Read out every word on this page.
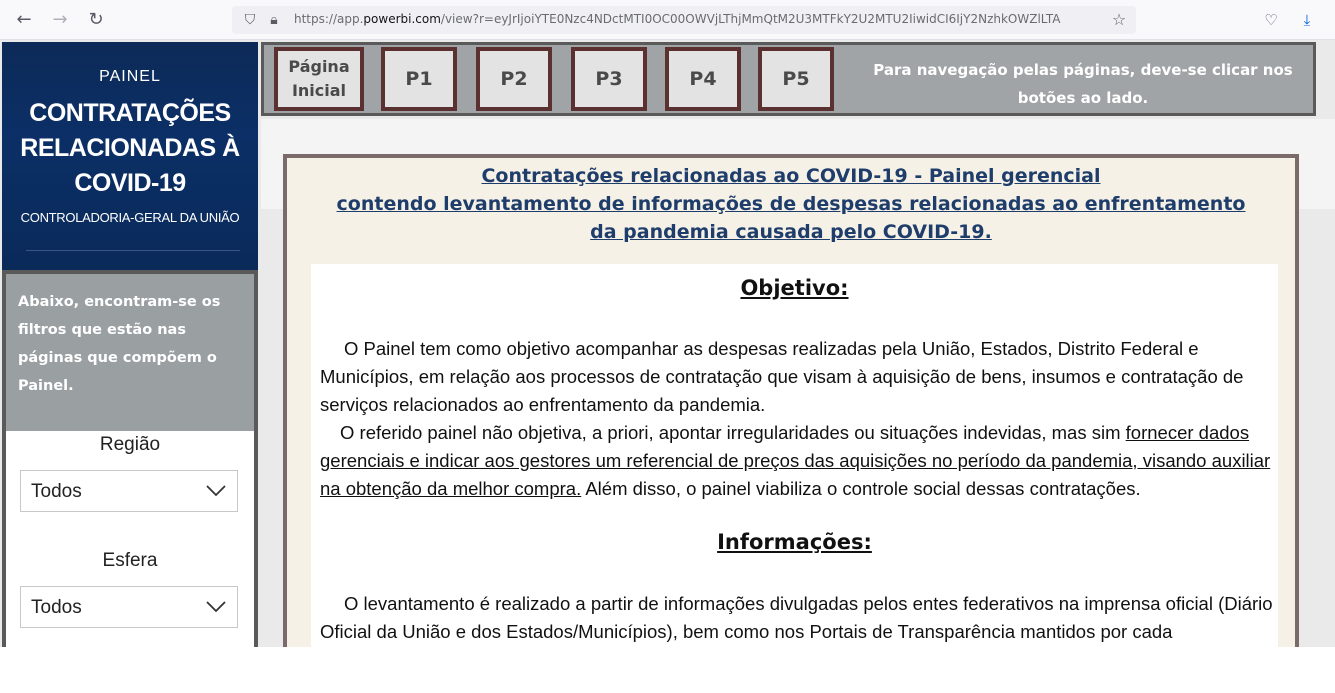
← → ↻	⛉	🔒︎	https://app.powerbi.com/view?r=eyJrIjoiYTE0Nzc4NDctMTI0OC00OWVjLThjMmQtM2U3MTFkY2U2MTU2IiwidCI6IjY2NzhkOWZlLTA	☆	♡	⤓
PAINEL
CONTRATAÇÕES
RELACIONADAS À
COVID-19
CONTROLADORIA-GERAL DA UNIÃO
Abaixo, encontram-se os filtros que estão nas páginas que compõem o Painel.
Região
Todos
Esfera
Todos
Página
Inicial
P1	P2	P3	P4	P5	Para navegação pelas páginas, deve-se clicar nos botões ao lado.
Contratações relacionadas ao COVID-19 - Painel gerencial
contendo levantamento de informações de despesas relacionadas ao enfrentamento
da pandemia causada pelo COVID-19.
Objetivo:
O Painel tem como objetivo acompanhar as despesas realizadas pela União, Estados, Distrito Federal e Municípios, em relação aos processos de contratação que visam à aquisição de bens, insumos e contratação de serviços relacionados ao enfrentamento da pandemia.
O referido painel não objetiva, a priori, apontar irregularidades ou situações indevidas, mas sim fornecer dados gerenciais e indicar aos gestores um referencial de preços das aquisições no período da pandemia, visando auxiliar na obtenção da melhor compra. Além disso, o painel viabiliza o controle social dessas contratações.
Informações:
O levantamento é realizado a partir de informações divulgadas pelos entes federativos na imprensa oficial (Diário Oficial da União e dos Estados/Municípios), bem como nos Portais de Transparência mantidos por cada
